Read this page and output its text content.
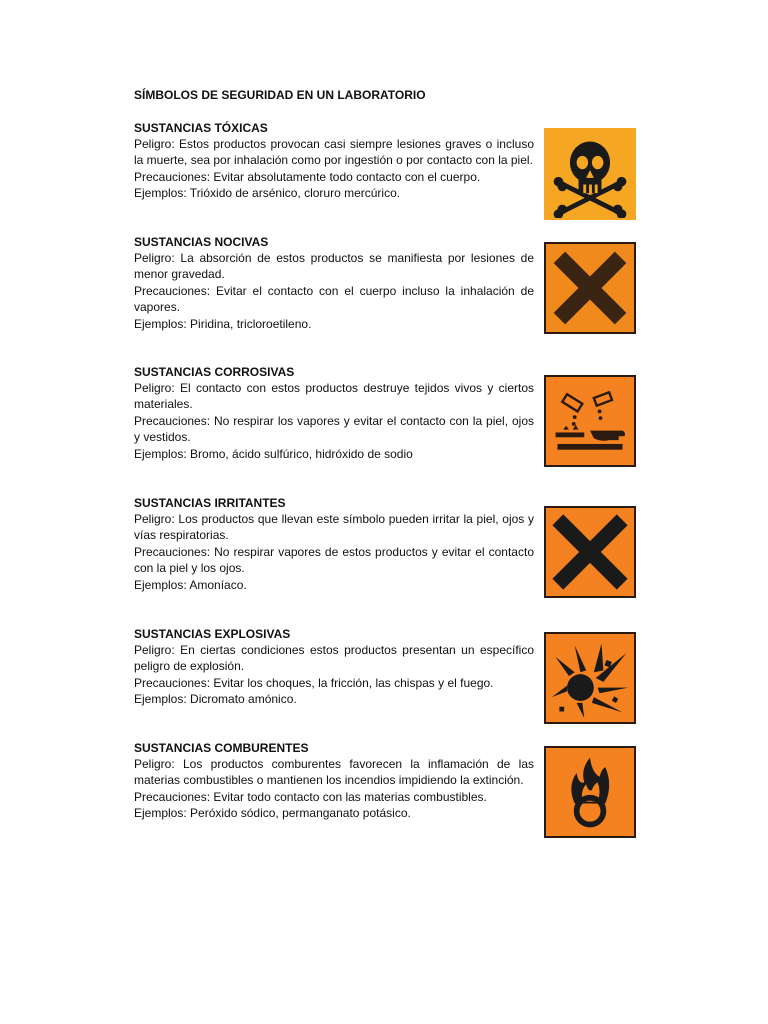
SÍMBOLOS DE SEGURIDAD EN UN LABORATORIO
SUSTANCIAS TÓXICAS
Peligro: Estos productos provocan casi siempre lesiones graves o incluso la muerte, sea por inhalación como por ingestión o por contacto con la piel.
Precauciones: Evitar absolutamente todo contacto con el cuerpo.
Ejemplos: Trióxido de arsénico, cloruro mercúrico.
SUSTANCIAS NOCIVAS
Peligro: La absorción de estos productos se manifiesta por lesiones de menor gravedad.
Precauciones: Evitar el contacto con el cuerpo incluso la inhalación de vapores.
Ejemplos: Piridina, tricloroetileno.
SUSTANCIAS CORROSIVAS
Peligro: El contacto con estos productos destruye tejidos vivos y ciertos materiales.
Precauciones: No respirar los vapores y evitar el contacto con la piel, ojos y vestidos.
Ejemplos: Bromo, ácido sulfúrico, hidróxido de sodio
SUSTANCIAS IRRITANTES
Peligro: Los productos que llevan este símbolo pueden irritar la piel, ojos y vías respiratorias.
Precauciones: No respirar vapores de estos productos y evitar el contacto con la piel y los ojos.
Ejemplos: Amoníaco.
SUSTANCIAS EXPLOSIVAS
Peligro: En ciertas condiciones estos productos presentan un específico peligro de explosión.
Precauciones: Evitar los choques, la fricción, las chispas y el fuego.
Ejemplos: Dicromato amónico.
SUSTANCIAS COMBURENTES
Peligro: Los productos comburentes favorecen la inflamación de las materias combustibles o mantienen los incendios impidiendo la extinción.
Precauciones: Evitar todo contacto con las materias combustibles.
Ejemplos: Peróxido sódico, permanganato potásico.
